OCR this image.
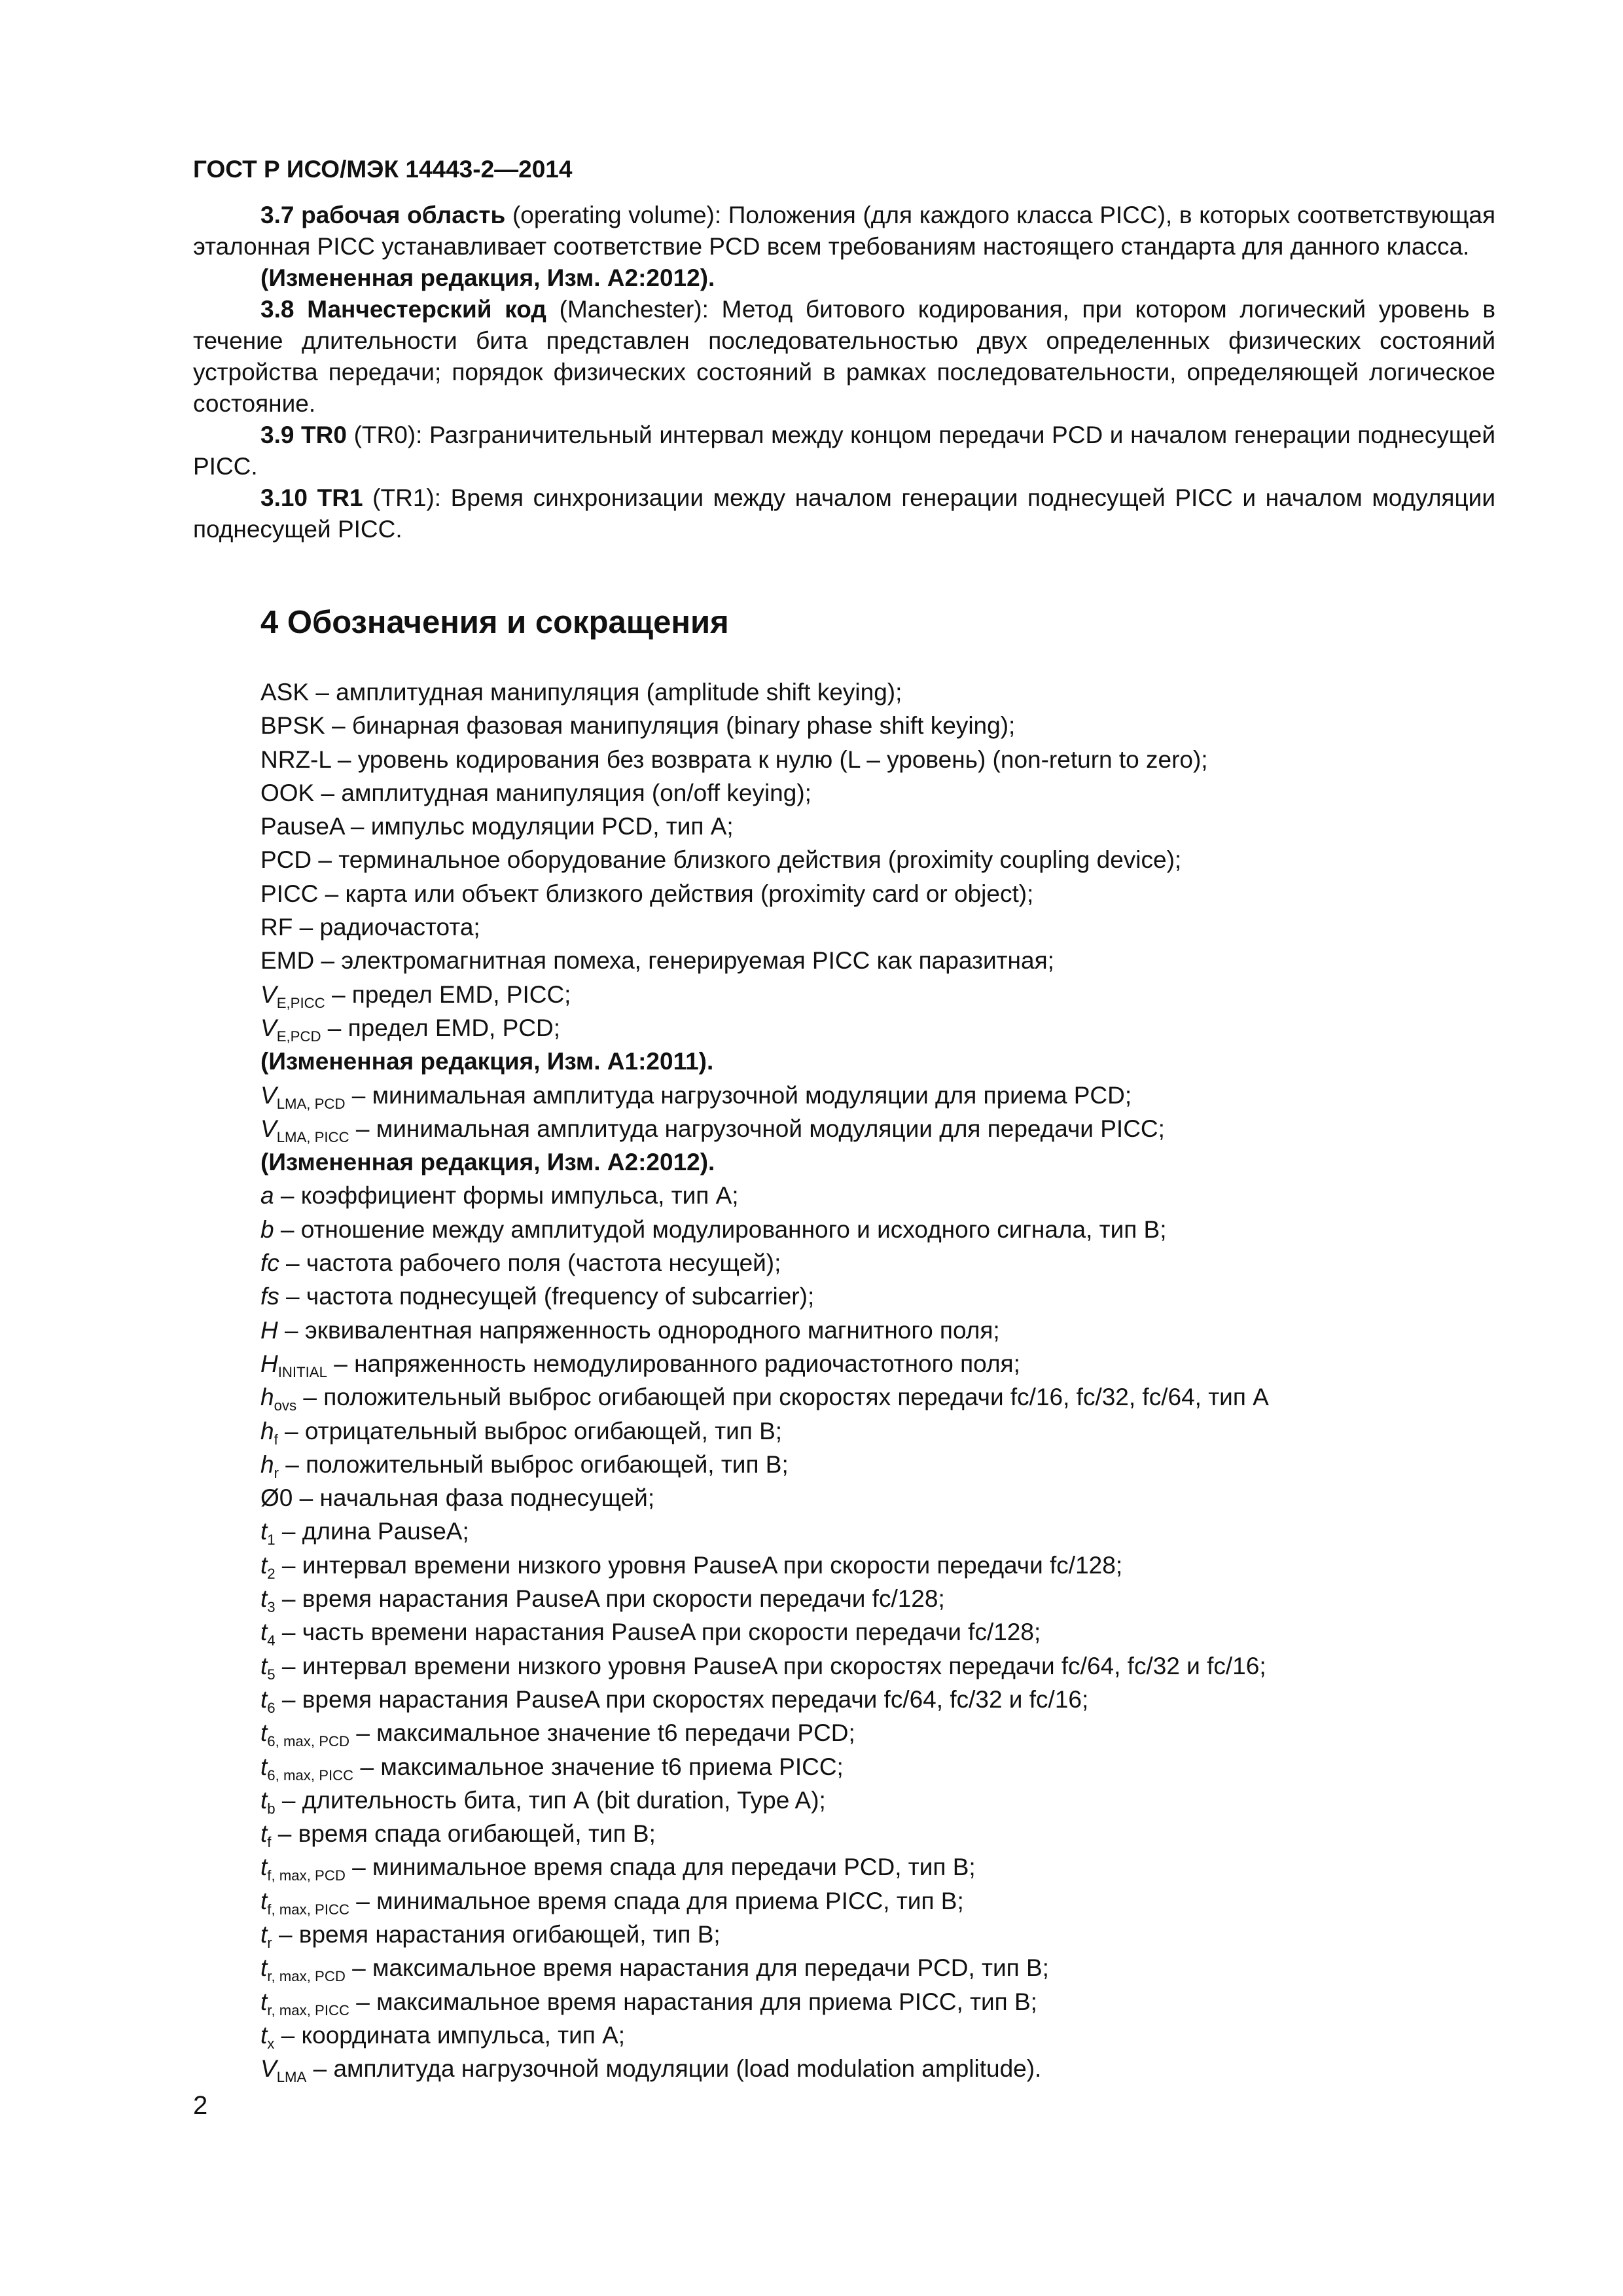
ГОСТ Р ИСО/МЭК 14443-2—2014

3.7 рабочая область (operating volume): Положения (для каждого класса PICC), в которых соответствующая эталонная PICC устанавливает соответствие PCD всем требованиям настоящего стандарта для данного класса.

(Измененная редакция, Изм. А2:2012).

3.8 Манчестерский код (Manchester): Метод битового кодирования, при котором логический уровень в течение длительности бита представлен последовательностью двух определенных физических состояний устройства передачи; порядок физических состояний в рамках последовательности, определяющей логическое состояние.

3.9 TR0 (TR0): Разграничительный интервал между концом передачи PCD и началом генерации поднесущей PICC.

3.10 TR1 (TR1): Время синхронизации между началом генерации поднесущей PICC и началом модуляции поднесущей PICC.

4 Обозначения и сокращения
ASK – амплитудная манипуляция (amplitude shift keying);
BPSK – бинарная фазовая манипуляция (binary phase shift keying);
NRZ-L – уровень кодирования без возврата к нулю (L – уровень) (non-return to zero);
OOK – амплитудная манипуляция (on/off keying);
PauseA – импульс модуляции PCD, тип А;
PCD – терминальное оборудование близкого действия (proximity coupling device);
PICC – карта или объект близкого действия (proximity card or object);
RF – радиочастота;
EMD – электромагнитная помеха, генерируемая PICC как паразитная;
$V_{E,PICC}$ – предел EMD, PICC;
$V_{E,PCD}$ – предел EMD, PCD;
(Измененная редакция, Изм. А1:2011).
$V_{LMA, PCD}$ – минимальная амплитуда нагрузочной модуляции для приема PCD;
$V_{LMA, PICC}$ – минимальная амплитуда нагрузочной модуляции для передачи PICC;
(Измененная редакция, Изм. А2:2012).
a – коэффициент формы импульса, тип А;
b – отношение между амплитудой модулированного и исходного сигнала, тип В;
fc – частота рабочего поля (частота несущей);
fs – частота поднесущей (frequency of subcarrier);
H – эквивалентная напряженность однородного магнитного поля;
$H_{INITIAL}$ – напряженность немодулированного радиочастотного поля;
$h_{ovs}$ – положительный выброс огибающей при скоростях передачи fc/16, fc/32, fc/64, тип А
$h_f$ – отрицательный выброс огибающей, тип В;
$h_r$ – положительный выброс огибающей, тип В;
Ø0 – начальная фаза поднесущей;
$t_1$ – длина PauseA;
$t_2$ – интервал времени низкого уровня PauseA при скорости передачи fc/128;
$t_3$ – время нарастания PauseA при скорости передачи fc/128;
$t_4$ – часть времени нарастания PauseA при скорости передачи fc/128;
$t_5$ – интервал времени низкого уровня PauseA при скоростях передачи fc/64, fc/32 и fc/16;
$t_6$ – время нарастания PauseA при скоростях передачи fc/64, fc/32 и fc/16;
$t_{6, max, PCD}$ – максимальное значение t6 передачи PCD;
$t_{6, max, PICC}$ – максимальное значение t6 приема PICC;
$t_b$ – длительность бита, тип А (bit duration, Type A);
$t_f$ – время спада огибающей, тип В;
$t_{f, max, PCD}$ – минимальное время спада для передачи PCD, тип В;
$t_{f, max, PICC}$ – минимальное время спада для приема PICC, тип В;
$t_r$ – время нарастания огибающей, тип В;
$t_{r, max, PCD}$ – максимальное время нарастания для передачи PCD, тип В;
$t_{r, max, PICC}$ – максимальное время нарастания для приема PICC, тип В;
$t_x$ – координата импульса, тип А;
$V_{LMA}$ – амплитуда нагрузочной модуляции (load modulation amplitude).
2
